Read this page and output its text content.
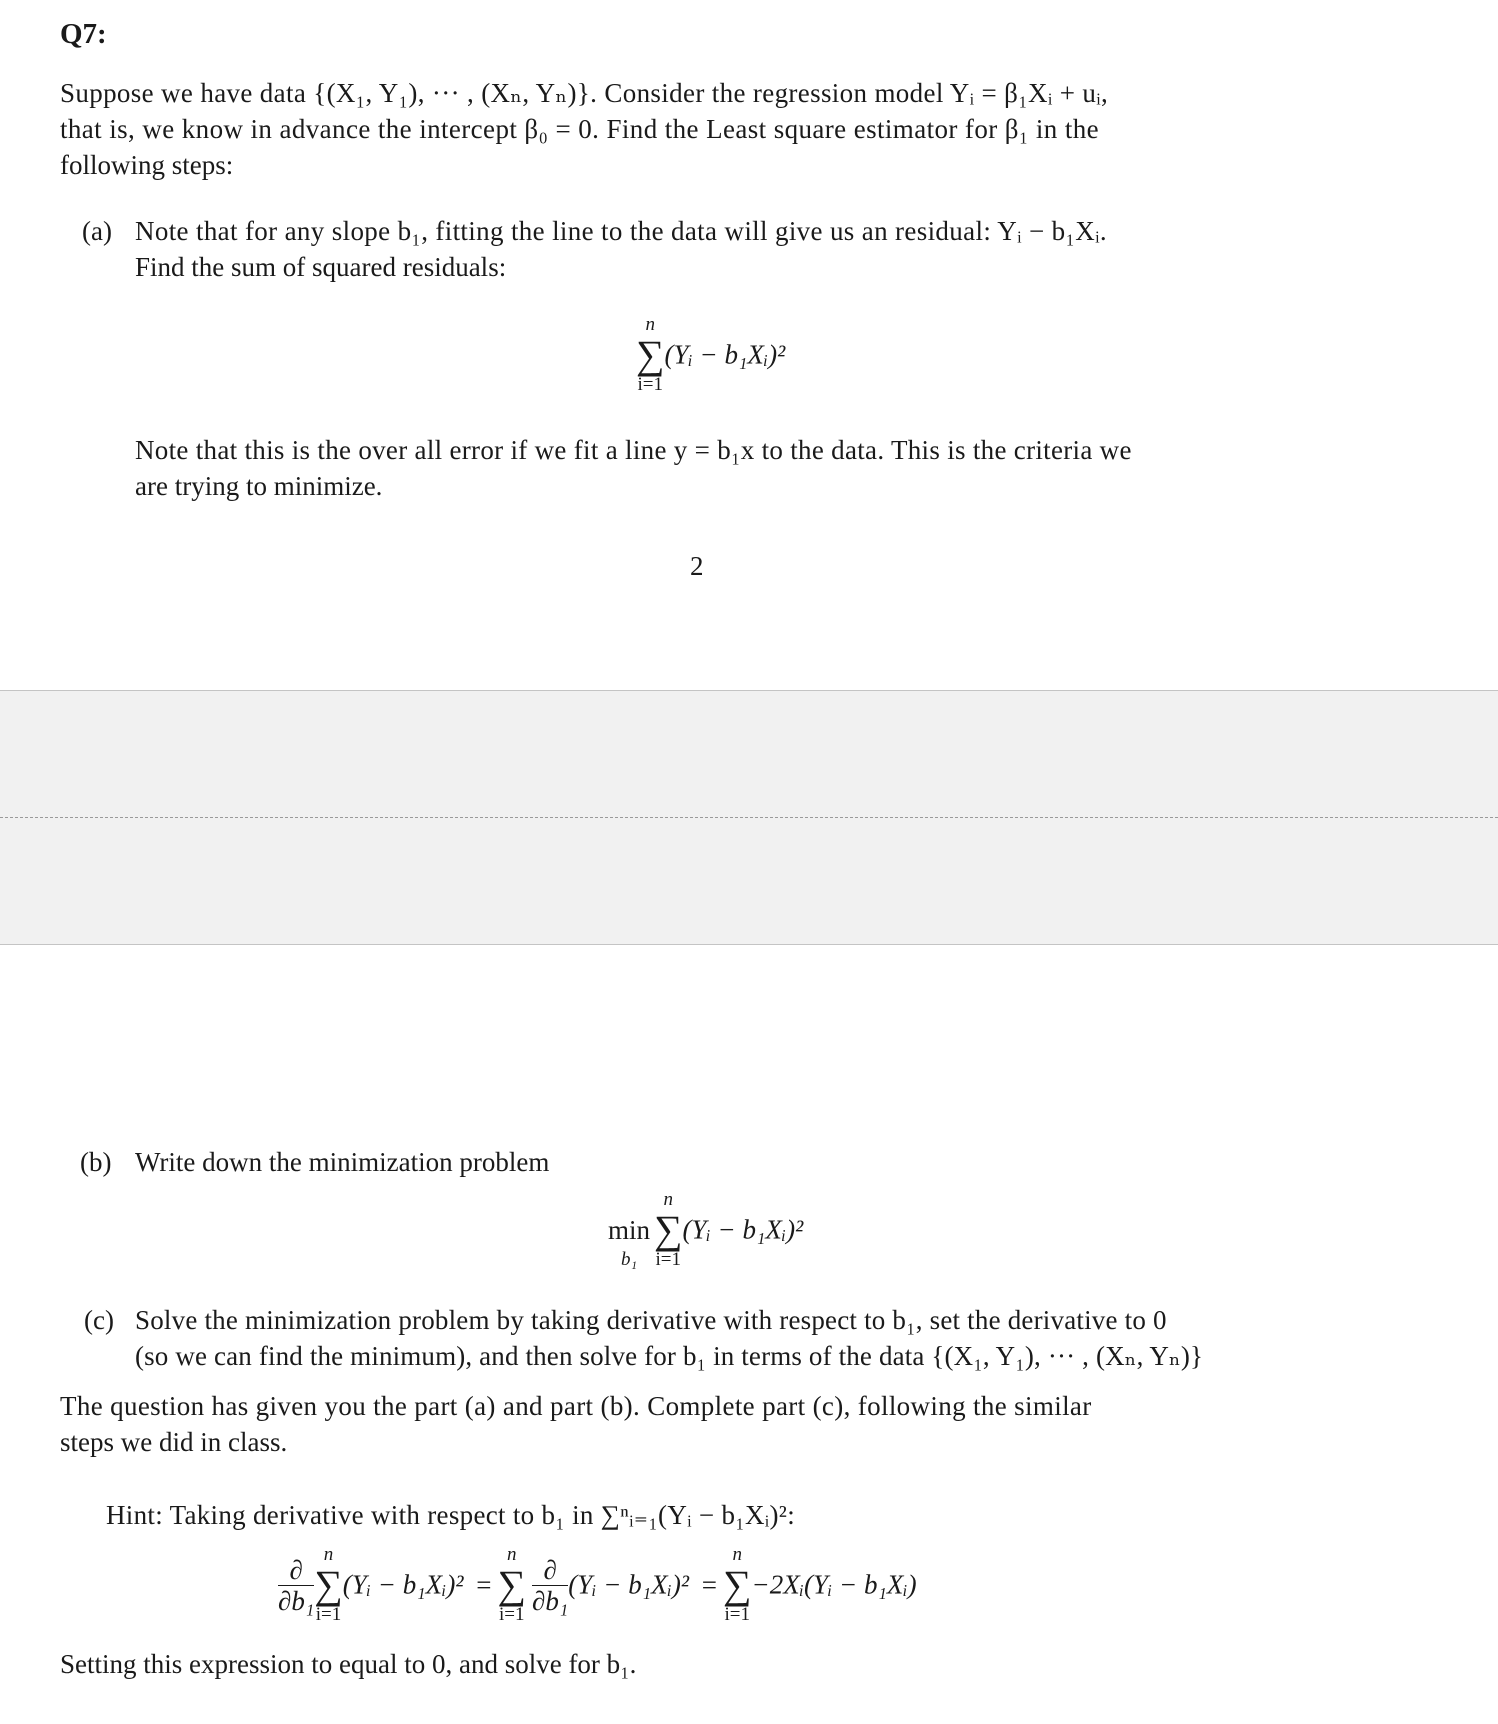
Q7:
Suppose we have data {(X₁, Y₁), ··· , (Xₙ, Yₙ)}. Consider the regression model Yᵢ = β₁Xᵢ + uᵢ,
that is, we know in advance the intercept β₀ = 0. Find the Least square estimator for β₁ in the
following steps:
(a) Note that for any slope b₁, fitting the line to the data will give us an residual: Yᵢ − b₁Xᵢ.
Find the sum of squared residuals:
n
∑
i=1
(Yᵢ − b₁Xᵢ)²
Note that this is the over all error if we fit a line y = b₁x to the data. This is the criteria we
are trying to minimize.
2
(b) Write down the minimization problem

min
b₁
n
∑
i=1
(Yᵢ − b₁Xᵢ)²
(c) Solve the minimization problem by taking derivative with respect to b₁, set the derivative to 0
(so we can find the minimum), and then solve for b₁ in terms of the data {(X₁, Y₁), ··· , (Xₙ, Yₙ)}
The question has given you the part (a) and part (b). Complete part (c), following the similar
steps we did in class.
Hint: Taking derivative with respect to b₁ in ∑ⁿᵢ₌₁(Yᵢ − b₁Xᵢ)²:
$\frac{\partial}{\text{∂b₁}}$ n
∑
i=1
(Yᵢ − b₁Xᵢ)² =
n
∑
$i=1 \frac{\partial}{\text{∂b₁}}$ (Yᵢ − b₁Xᵢ)² =
n
∑
i=1
−2Xᵢ(Yᵢ − b₁Xᵢ)
Setting this expression to equal to 0, and solve for b₁.
